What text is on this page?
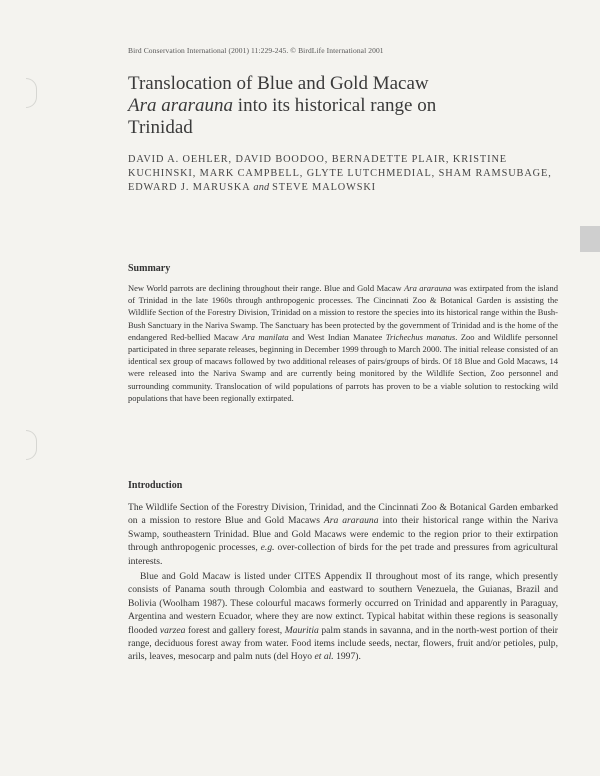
Bird Conservation International (2001) 11:229-245. © BirdLife International 2001
Translocation of Blue and Gold Macaw
Ara ararauna into its historical range on
Trinidad
DAVID A. OEHLER, DAVID BOODOO, BERNADETTE PLAIR, KRISTINE KUCHINSKI, MARK CAMPBELL, GLYTE LUTCHMEDIAL, SHAM RAMSUBAGE, EDWARD J. MARUSKA and STEVE MALOWSKI
Summary

New World parrots are declining throughout their range. Blue and Gold Macaw Ara ararauna was extirpated from the island of Trinidad in the late 1960s through anthropogenic processes. The Cincinnati Zoo & Botanical Garden is assisting the Wildlife Section of the Forestry Division, Trinidad on a mission to restore the species into its historical range within the Bush-Bush Sanctuary in the Nariva Swamp. The Sanctuary has been protected by the government of Trinidad and is the home of the endangered Red-bellied Macaw Ara manilata and West Indian Manatee Trichechus manatus. Zoo and Wildlife personnel participated in three separate releases, beginning in December 1999 through to March 2000. The initial release consisted of an identical sex group of macaws followed by two additional releases of pairs/groups of birds. Of 18 Blue and Gold Macaws, 14 were released into the Nariva Swamp and are currently being monitored by the Wildlife Section, Zoo personnel and surrounding community. Translocation of wild populations of parrots has proven to be a viable solution to restocking wild populations that have been regionally extirpated.

Introduction

The Wildlife Section of the Forestry Division, Trinidad, and the Cincinnati Zoo & Botanical Garden embarked on a mission to restore Blue and Gold Macaws Ara ararauna into their historical range within the Nariva Swamp, southeastern Trinidad. Blue and Gold Macaws were endemic to the region prior to their extirpation through anthropogenic processes, e.g. over-collection of birds for the pet trade and pressures from agricultural interests.

Blue and Gold Macaw is listed under CITES Appendix II throughout most of its range, which presently consists of Panama south through Colombia and eastward to southern Venezuela, the Guianas, Brazil and Bolivia (Woolham 1987). These colourful macaws formerly occurred on Trinidad and apparently in Paraguay, Argentina and western Ecuador, where they are now extinct. Typical habitat within these regions is seasonally flooded varzea forest and gallery forest, Mauritia palm stands in savanna, and in the north-west portion of their range, deciduous forest away from water. Food items include seeds, nectar, flowers, fruit and/or petioles, pulp, arils, leaves, mesocarp and palm nuts (del Hoyo et al. 1997).
